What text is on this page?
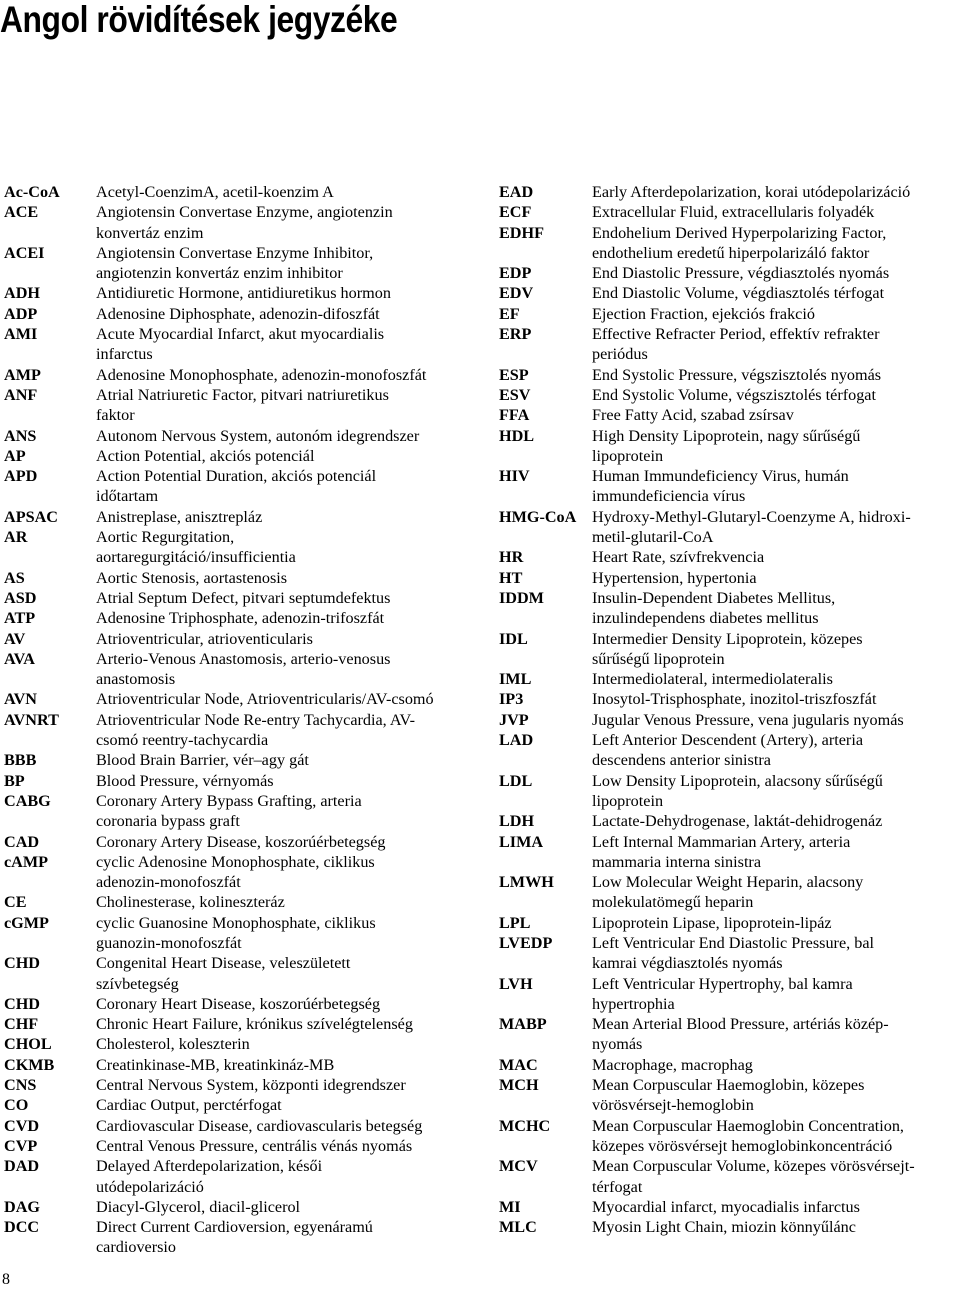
Angol rövidítések jegyzéke
Ac-CoA	Acetyl-CoenzimA, acetil-koenzim A
ACE	Angiotensin Convertase Enzyme, angiotenzin
konvertáz enzim
ACEI	Angiotensin Convertase Enzyme Inhibitor,
angiotenzin konvertáz enzim inhibitor
ADH	Antidiuretic Hormone, antidiuretikus hormon
ADP	Adenosine Diphosphate, adenozin-difoszfát
AMI	Acute Myocardial Infarct, akut myocardialis
infarctus
AMP	Adenosine Monophosphate, adenozin-monofoszfát
ANF	Atrial Natriuretic Factor, pitvari natriuretikus
faktor
ANS	Autonom Nervous System, autonóm idegrendszer
AP	Action Potential, akciós potenciál
APD	Action Potential Duration, akciós potenciál
időtartam
APSAC	Anistreplase, anisztrepláz
AR	Aortic Regurgitation,
aortaregurgitáció/insufficientia
AS	Aortic Stenosis, aortastenosis
ASD	Atrial Septum Defect, pitvari septumdefektus
ATP	Adenosine Triphosphate, adenozin-trifoszfát
AV	Atrioventricular, atrioventicularis
AVA	Arterio-Venous Anastomosis, arterio-venosus
anastomosis
AVN	Atrioventricular Node, Atrioventricularis/AV-csomó
AVNRT	Atrioventricular Node Re-entry Tachycardia, AV-
csomó reentry-tachycardia
BBB	Blood Brain Barrier, vér–agy gát
BP	Blood Pressure, vérnyomás
CABG	Coronary Artery Bypass Grafting, arteria
coronaria bypass graft
CAD	Coronary Artery Disease, koszorúérbetegség
cAMP	cyclic Adenosine Monophosphate, ciklikus
adenozin-monofoszfát
CE	Cholinesterase, kolineszteráz
cGMP	cyclic Guanosine Monophosphate, ciklikus
guanozin-monofoszfát
CHD	Congenital Heart Disease, veleszületett
szívbetegség
CHD	Coronary Heart Disease, koszorúérbetegség
CHF	Chronic Heart Failure, krónikus szívelégtelenség
CHOL	Cholesterol, koleszterin
CKMB	Creatinkinase-MB, kreatinkináz-MB
CNS	Central Nervous System, központi idegrendszer
CO	Cardiac Output, perctérfogat
CVD	Cardiovascular Disease, cardiovascularis betegség
CVP	Central Venous Pressure, centrális vénás nyomás
DAD	Delayed Afterdepolarization, késői
utódepolarizáció
DAG	Diacyl-Glycerol, diacil-glicerol
DCC	Direct Current Cardioversion, egyenáramú
cardioversio
EAD	Early Afterdepolarization, korai utódepolarizáció
ECF	Extracellular Fluid, extracellularis folyadék
EDHF	Endohelium Derived Hyperpolarizing Factor,
endothelium eredetű hiperpolarizáló faktor
EDP	End Diastolic Pressure, végdiasztolés nyomás
EDV	End Diastolic Volume, végdiasztolés térfogat
EF	Ejection Fraction, ejekciós frakció
ERP	Effective Refracter Period, effektív refrakter
periódus
ESP	End Systolic Pressure, végszisztolés nyomás
ESV	End Systolic Volume, végszisztolés térfogat
FFA	Free Fatty Acid, szabad zsírsav
HDL	High Density Lipoprotein, nagy sűrűségű
lipoprotein
HIV	Human Immundeficiency Virus, humán
immundeficiencia vírus
HMG-CoA Hydroxy-Methyl-Glutaryl-Coenzyme A, hidroxi-
metil-glutaril-CoA
HR	Heart Rate, szívfrekvencia
HT	Hypertension, hypertonia
IDDM	Insulin-Dependent Diabetes Mellitus,
inzulindependens diabetes mellitus
IDL	Intermedier Density Lipoprotein, közepes
sűrűségű lipoprotein
IML	Intermediolateral, intermediolateralis
IP3	Inosytol-Trisphosphate, inozitol-triszfoszfát
JVP	Jugular Venous Pressure, vena jugularis nyomás
LAD	Left Anterior Descendent (Artery), arteria
descendens anterior sinistra
LDL	Low Density Lipoprotein, alacsony sűrűségű
lipoprotein
LDH	Lactate-Dehydrogenase, laktát-dehidrogenáz
LIMA	Left Internal Mammarian Artery, arteria
mammaria interna sinistra
LMWH	Low Molecular Weight Heparin, alacsony
molekulatömegű heparin
LPL	Lipoprotein Lipase, lipoprotein-lipáz
LVEDP	Left Ventricular End Diastolic Pressure, bal
kamrai végdiasztolés nyomás
LVH	Left Ventricular Hypertrophy, bal kamra
hypertrophia
MABP	Mean Arterial Blood Pressure, artériás közép-
nyomás
MAC	Macrophage, macrophag
MCH	Mean Corpuscular Haemoglobin, közepes
vörösvérsejt-hemoglobin
MCHC	Mean Corpuscular Haemoglobin Concentration,
közepes vörösvérsejt hemoglobinkoncentráció
MCV	Mean Corpuscular Volume, közepes vörösvérsejt-
térfogat
MI	Myocardial infarct, myocadialis infarctus
MLC	Myosin Light Chain, miozin könnyűlánc
8
